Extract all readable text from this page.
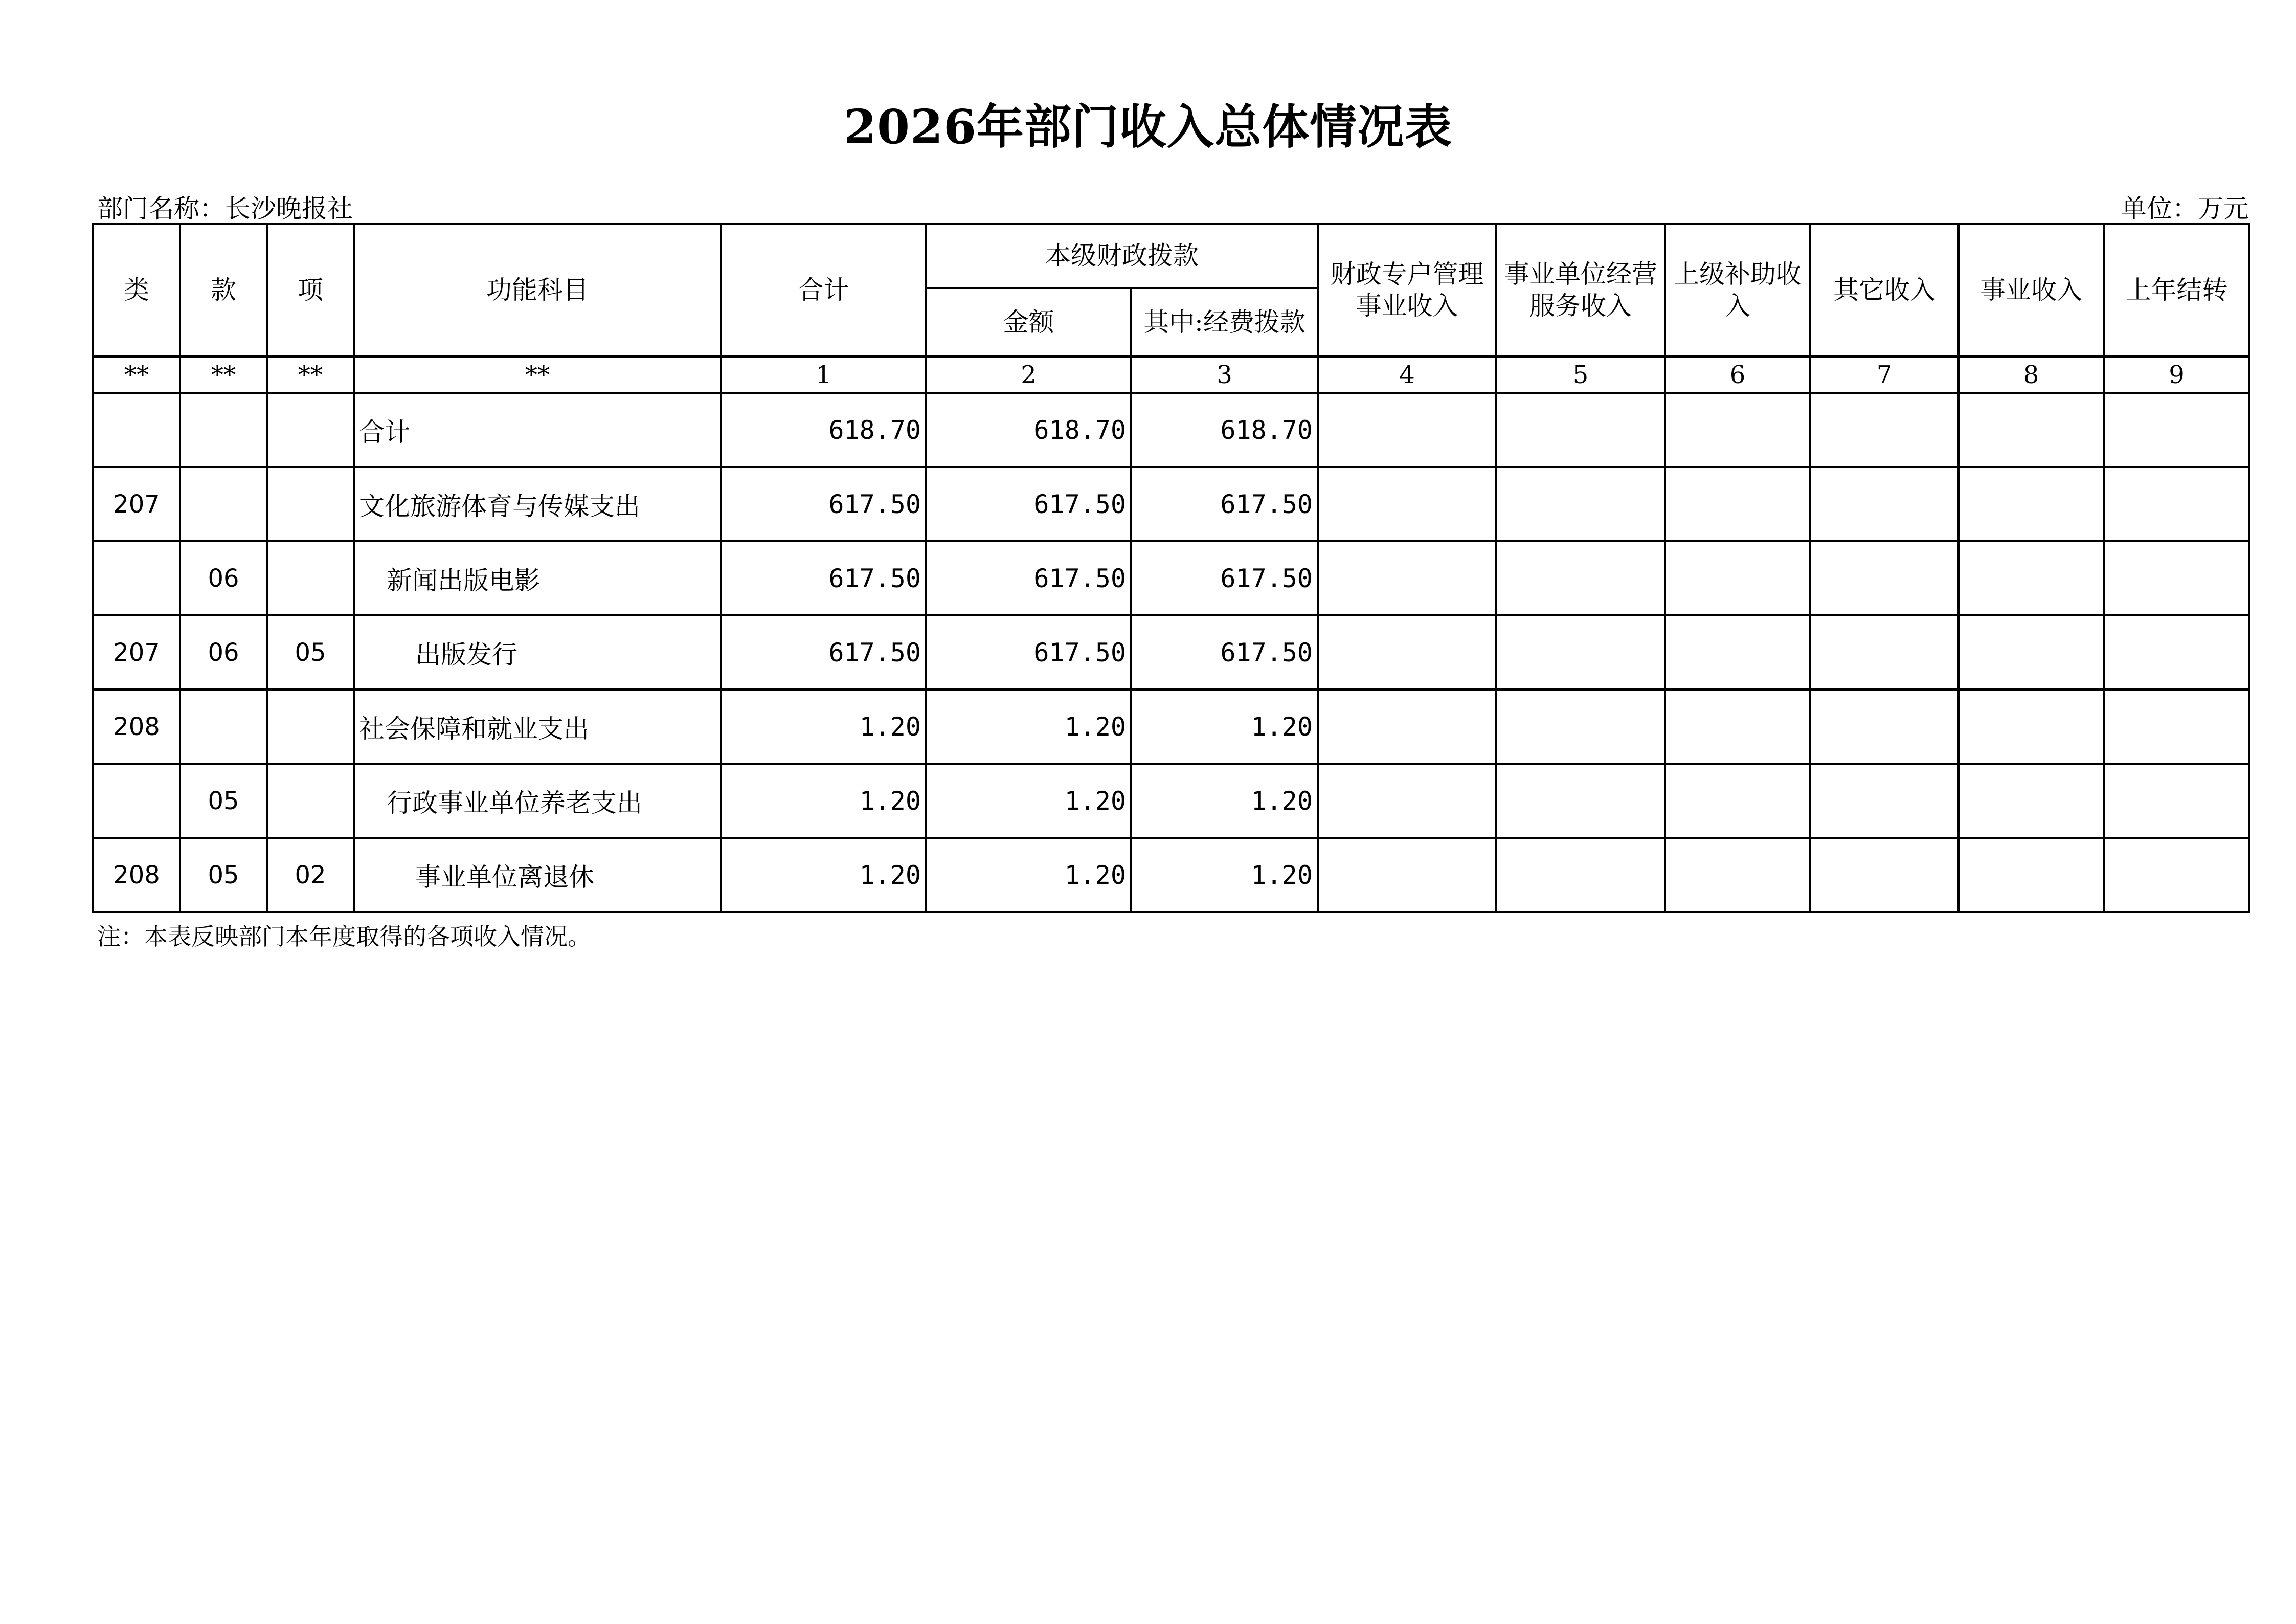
2026年部门收入总体情况表
部门名称：长沙晚报社	单位：万元
类	款	项	功能科目	合计	本级财政拨款		财政专户管理事业收入	事业单位经营服务收入	上级补助收入	其它收入	事业收入	上年结转
					金额	其中:经费拨款						
**	**	**	**	1	2	3	4	5	6	7	8	9
			合计	618.70	618.70	618.70						
207			文化旅游体育与传媒支出	617.50	617.50	617.50						
	06		新闻出版电影	617.50	617.50	617.50						
207	06	05	出版发行	617.50	617.50	617.50						
208			社会保障和就业支出	1.20	1.20	1.20						
	05		行政事业单位养老支出	1.20	1.20	1.20						
208	05	02	事业单位离退休	1.20	1.20	1.20						
注：本表反映部门本年度取得的各项收入情况。
